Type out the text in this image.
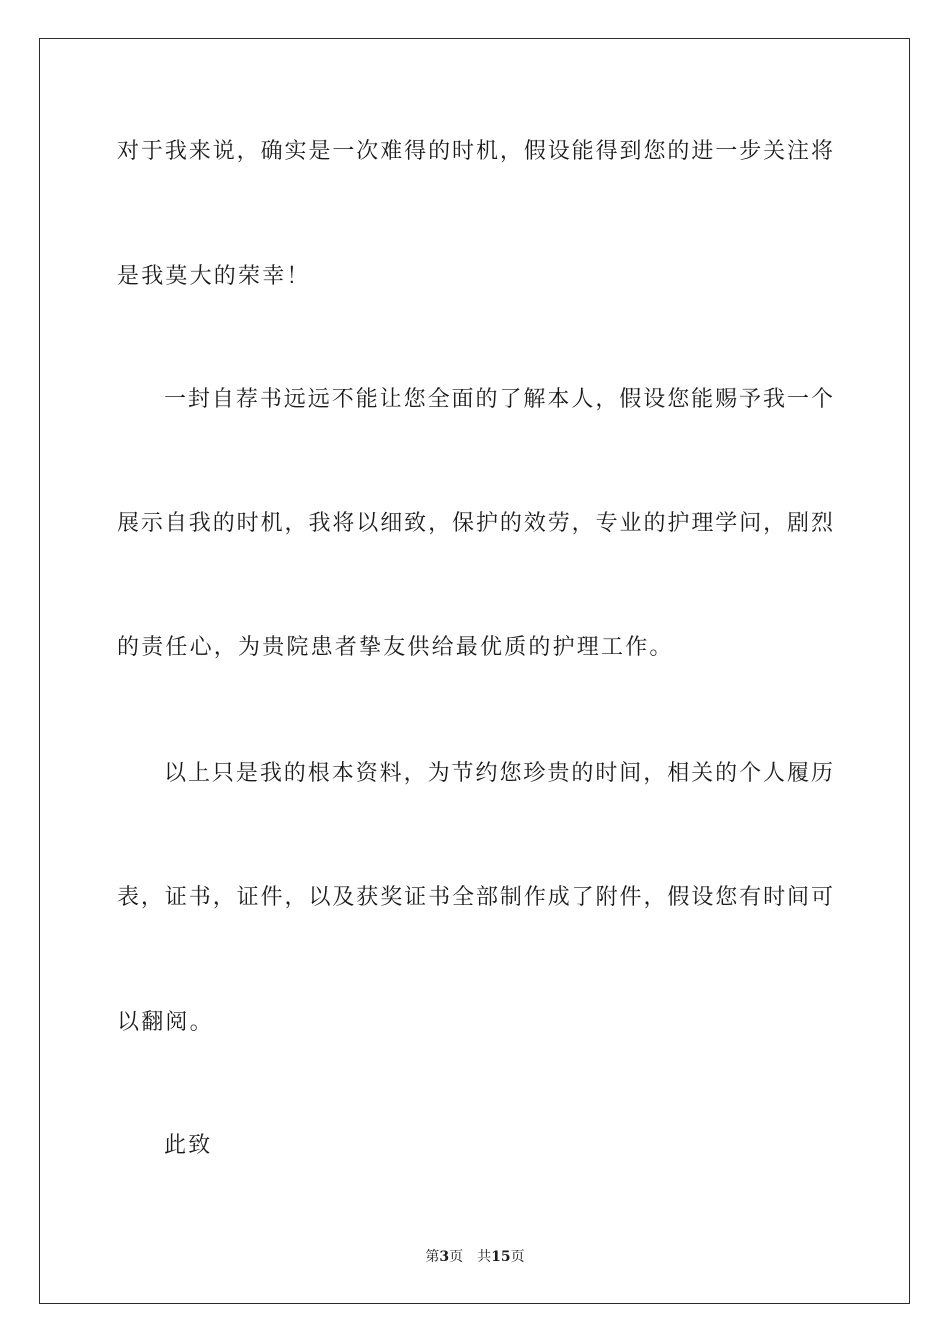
对于我来说，确实是一次难得的时机，假设能得到您的进一步关注将
是我莫大的荣幸！
一封自荐书远远不能让您全面的了解本人，假设您能赐予我一个
展示自我的时机，我将以细致，保护的效劳，专业的护理学问，剧烈
的责任心，为贵院患者挚友供给最优质的护理工作。
以上只是我的根本资料，为节约您珍贵的时间，相关的个人履历
表，证书，证件，以及获奖证书全部制作成了附件，假设您有时间可
以翻阅。
此致
第3页 共15页
